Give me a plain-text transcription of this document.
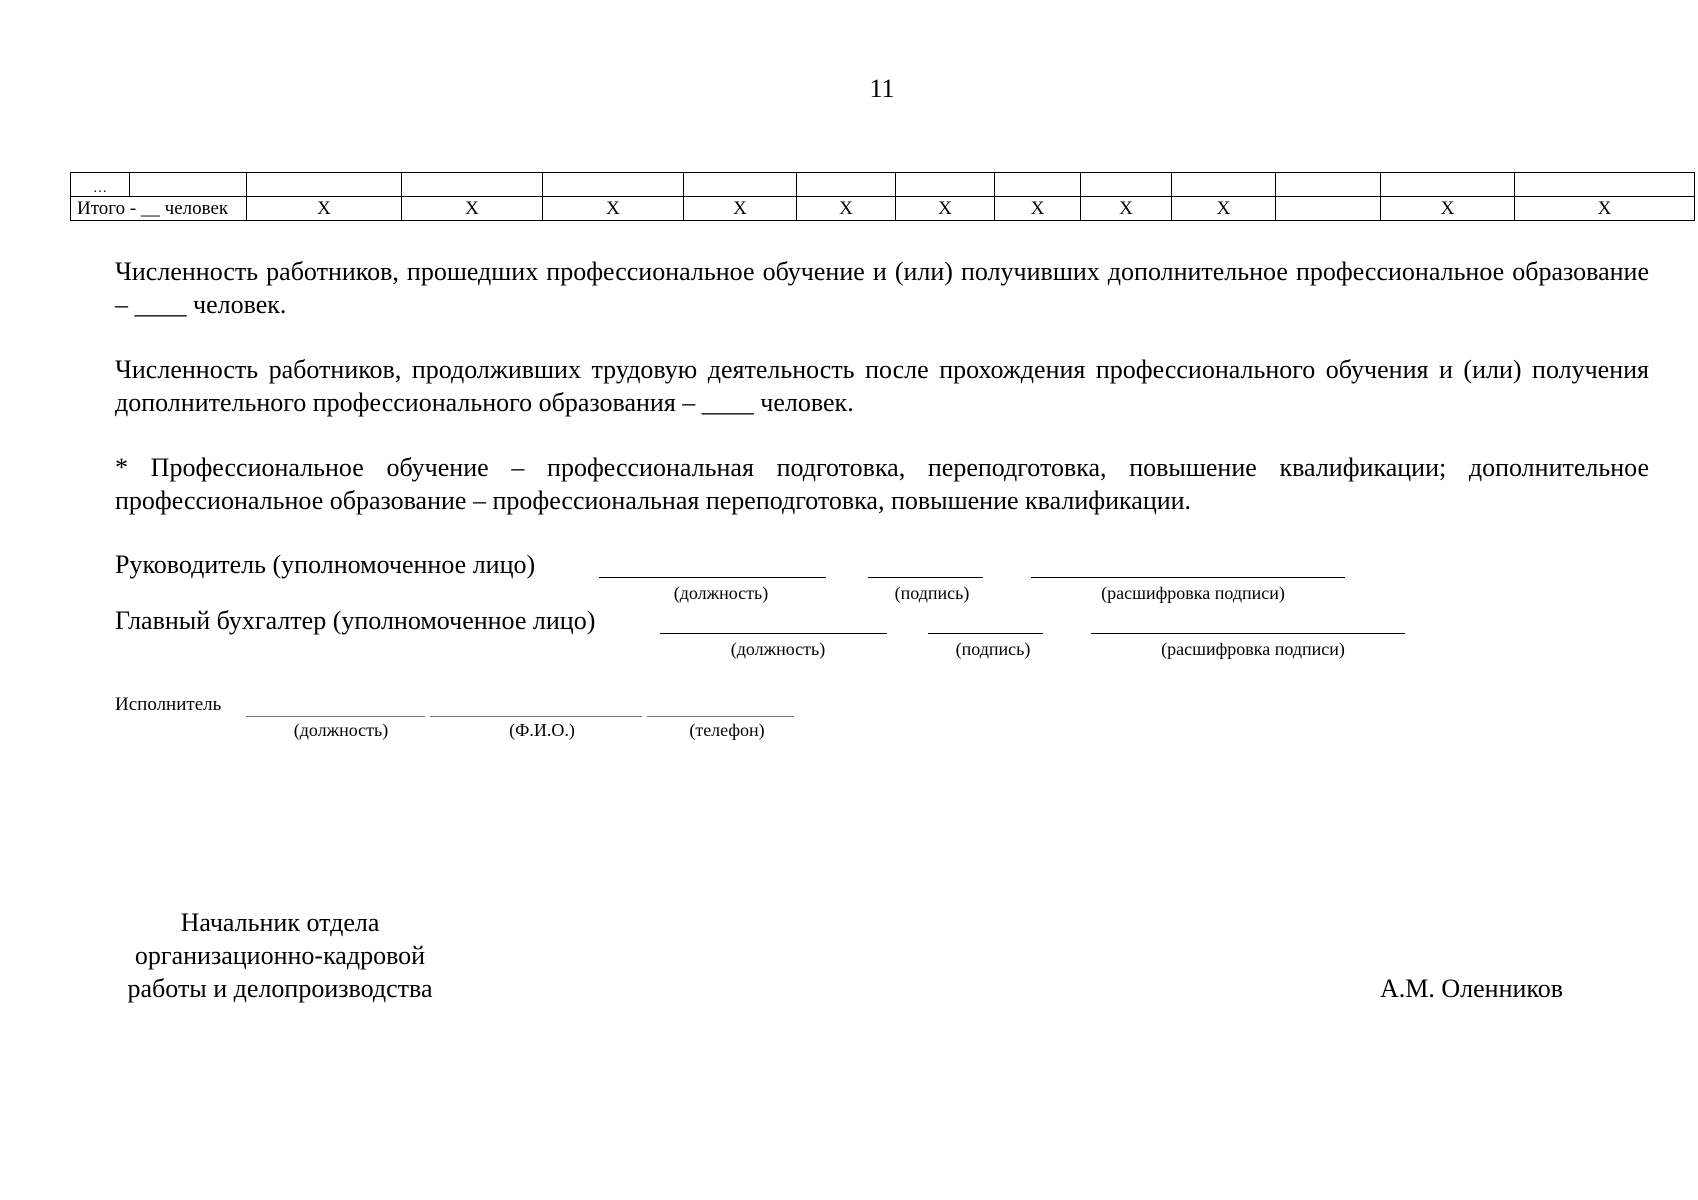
11
…													
Итого - __ человек		Х	Х	Х	Х	Х	Х	Х	Х	Х		Х	Х
Численность работников, прошедших профессиональное обучение и (или) получивших дополнительное профессиональное образование – ____ человек.
Численность работников, продолживших трудовую деятельность после прохождения профессионального обучения и (или) получения дополнительного профессионального образования – ____ человек.
* Профессиональное обучение – профессиональная подготовка, переподготовка, повышение квалификации; дополнительное профессиональное образование – профессиональная переподготовка, повышение квалификации.
Руководитель (уполномоченное лицо)
(должность)	(подпись)	(расшифровка подписи)
Главный бухгалтер (уполномоченное лицо)
(должность)	(подпись)	(расшифровка подписи)
Исполнитель
(должность)	(Ф.И.О.)	(телефон)
Начальник отдела
организационно-кадровой
работы и делопроизводства	А.М. Оленников
